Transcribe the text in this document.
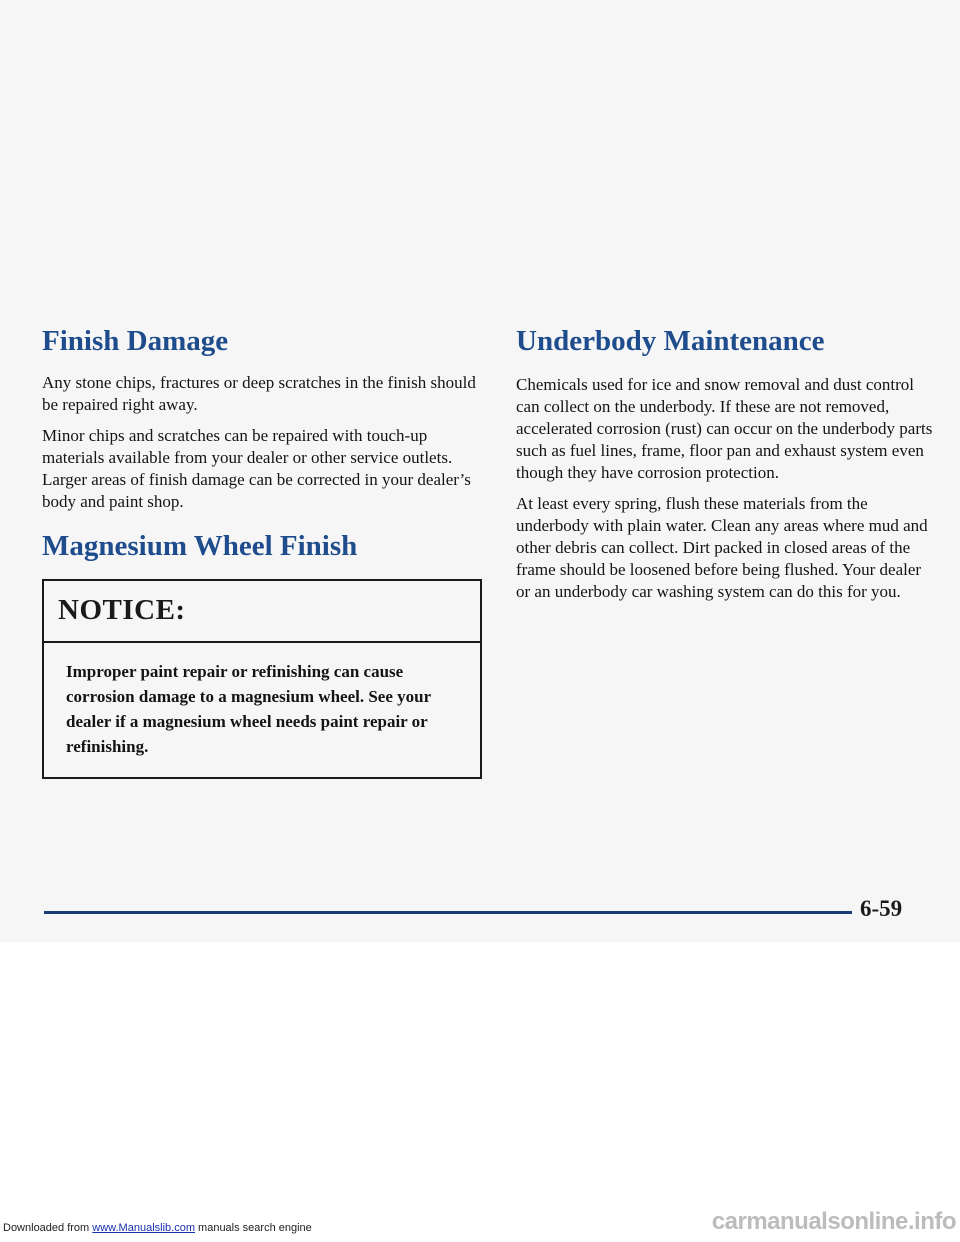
Finish Damage

Any stone chips, fractures or deep scratches in the finish should be repaired right away.

Minor chips and scratches can be repaired with touch-up materials available from your dealer or other service outlets. Larger areas of finish damage can be corrected in your dealer’s body and paint shop.

Magnesium Wheel Finish
NOTICE:

Improper paint repair or refinishing can cause corrosion damage to a magnesium wheel. See your dealer if a magnesium wheel needs paint repair or refinishing.

Underbody Maintenance

Chemicals used for ice and snow removal and dust control can collect on the underbody. If these are not removed, accelerated corrosion (rust) can occur on the underbody parts such as fuel lines, frame, floor pan and exhaust system even though they have corrosion protection.

At least every spring, flush these materials from the underbody with plain water. Clean any areas where mud and other debris can collect. Dirt packed in closed areas of the frame should be loosened before being flushed. Your dealer or an underbody car washing system can do this for you.

6-59
Downloaded from www.Manualslib.com manuals search engine	carmanualsonline.info
